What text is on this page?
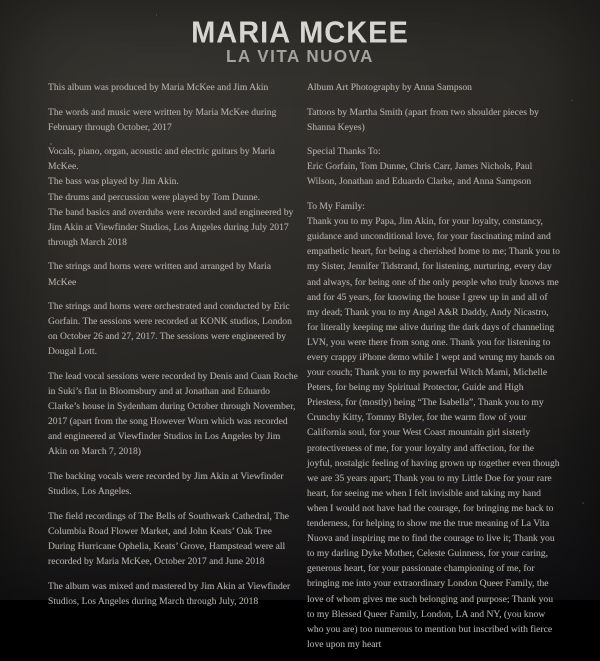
MARIA MCKEE
LA VITA NUOVA
This album was produced by Maria McKee and Jim Akin
The words and music were written by Maria McKee during February through October, 2017
Vocals, piano, organ, acoustic and electric guitars by Maria McKee.
The bass was played by Jim Akin.
The drums and percussion were played by Tom Dunne.
The band basics and overdubs were recorded and engineered by Jim Akin at Viewfinder Studios, Los Angeles during July 2017 through March 2018
The strings and horns were written and arranged by Maria McKee
The strings and horns were orchestrated and conducted by Eric Gorfain. The sessions were recorded at KONK studios, London on October 26 and 27, 2017. The sessions were engineered by Dougal Lott.
The lead vocal sessions were recorded by Denis and Cuan Roche in Suki’s flat in Bloomsbury and at Jonathan and Eduardo Clarke’s house in Sydenham during October through November, 2017 (apart from the song However Worn which was recorded and engineered at Viewfinder Studios in Los Angeles by Jim Akin on March 7, 2018)
The backing vocals were recorded by Jim Akin at Viewfinder Studios, Los Angeles.
The field recordings of The Bells of Southwark Cathedral, The Columbia Road Flower Market, and John Keats’ Oak Tree During Hurricane Ophelia, Keats’ Grove, Hampstead were all recorded by Maria McKee, October 2017 and June 2018
The album was mixed and mastered by Jim Akin at Viewfinder Studios, Los Angeles during March through July, 2018
Album Art Photography by Anna Sampson
Tattoos by Martha Smith (apart from two shoulder pieces by Shanna Keyes)
Special Thanks To:
Eric Gorfain, Tom Dunne, Chris Carr, James Nichols, Paul Wilson, Jonathan and Eduardo Clarke, and Anna Sampson
To My Family:
Thank you to my Papa, Jim Akin, for your loyalty, constancy, guidance and unconditional love, for your fascinating mind and empathetic heart, for being a cherished home to me; Thank you to my Sister, Jennifer Tidstrand, for listening, nurturing, every day and always, for being one of the only people who truly knows me and for 45 years, for knowing the house I grew up in and all of my dead; Thank you to my Angel A&R Daddy, Andy Nicastro, for literally keeping me alive during the dark days of channeling LVN, you were there from song one. Thank you for listening to every crappy iPhone demo while I wept and wrung my hands on your couch; Thank you to my powerful Witch Mami, Michelle Peters, for being my Spiritual Protector, Guide and High Priestess, for (mostly) being “The Isabella”, Thank you to my Crunchy Kitty, Tommy Blyler, for the warm flow of your California soul, for your West Coast mountain girl sisterly protectiveness of me, for your loyalty and affection, for the joyful, nostalgic feeling of having grown up together even though we are 35 years apart; Thank you to my Little Doe for your rare heart, for seeing me when I felt invisible and taking my hand when I would not have had the courage, for bringing me back to tenderness, for helping to show me the true meaning of La Vita Nuova and inspiring me to find the courage to live it; Thank you to my darling Dyke Mother, Celeste Guinness, for your caring, generous heart, for your passionate championing of me, for bringing me into your extraordinary London Queer Family, the love of whom gives me such belonging and purpose; Thank you to my Blessed Queer Family, London, LA and NY, (you know who you are) too numerous to mention but inscribed with fierce love upon my heart
